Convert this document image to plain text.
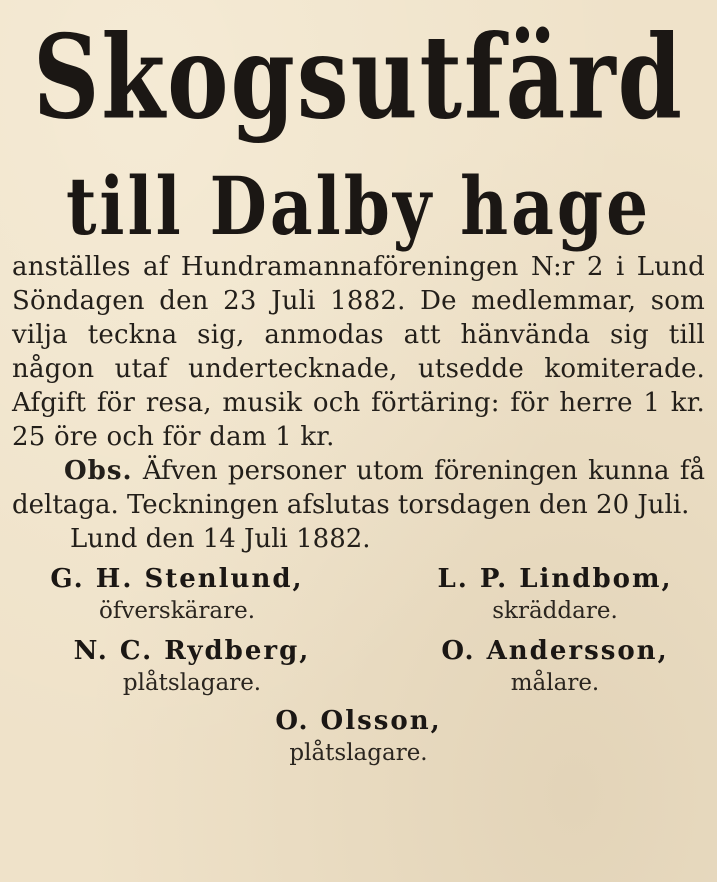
Skogsutfärd
till Dalby hage

anställes af Hundramannaföreningen N:r 2 i Lund Söndagen den 23 Juli 1882. De medlemmar, som vilja teckna sig, anmodas att hänvända sig till någon utaf undertecknade, utsedde komiterade. Afgift för resa, musik och förtäring: för herre 1 kr. 25 öre och för dam 1 kr.

Obs. Äfven personer utom föreningen kunna få deltaga. Teckningen afslutas torsdagen den 20 Juli.

Lund den 14 Juli 1882.

G. H. Stenlund,
öfverskärare.
L. P. Lindbom,
skräddare.
N. C. Rydberg,
plåtslagare.
O. Andersson,
målare.
O. Olsson,
plåtslagare.
